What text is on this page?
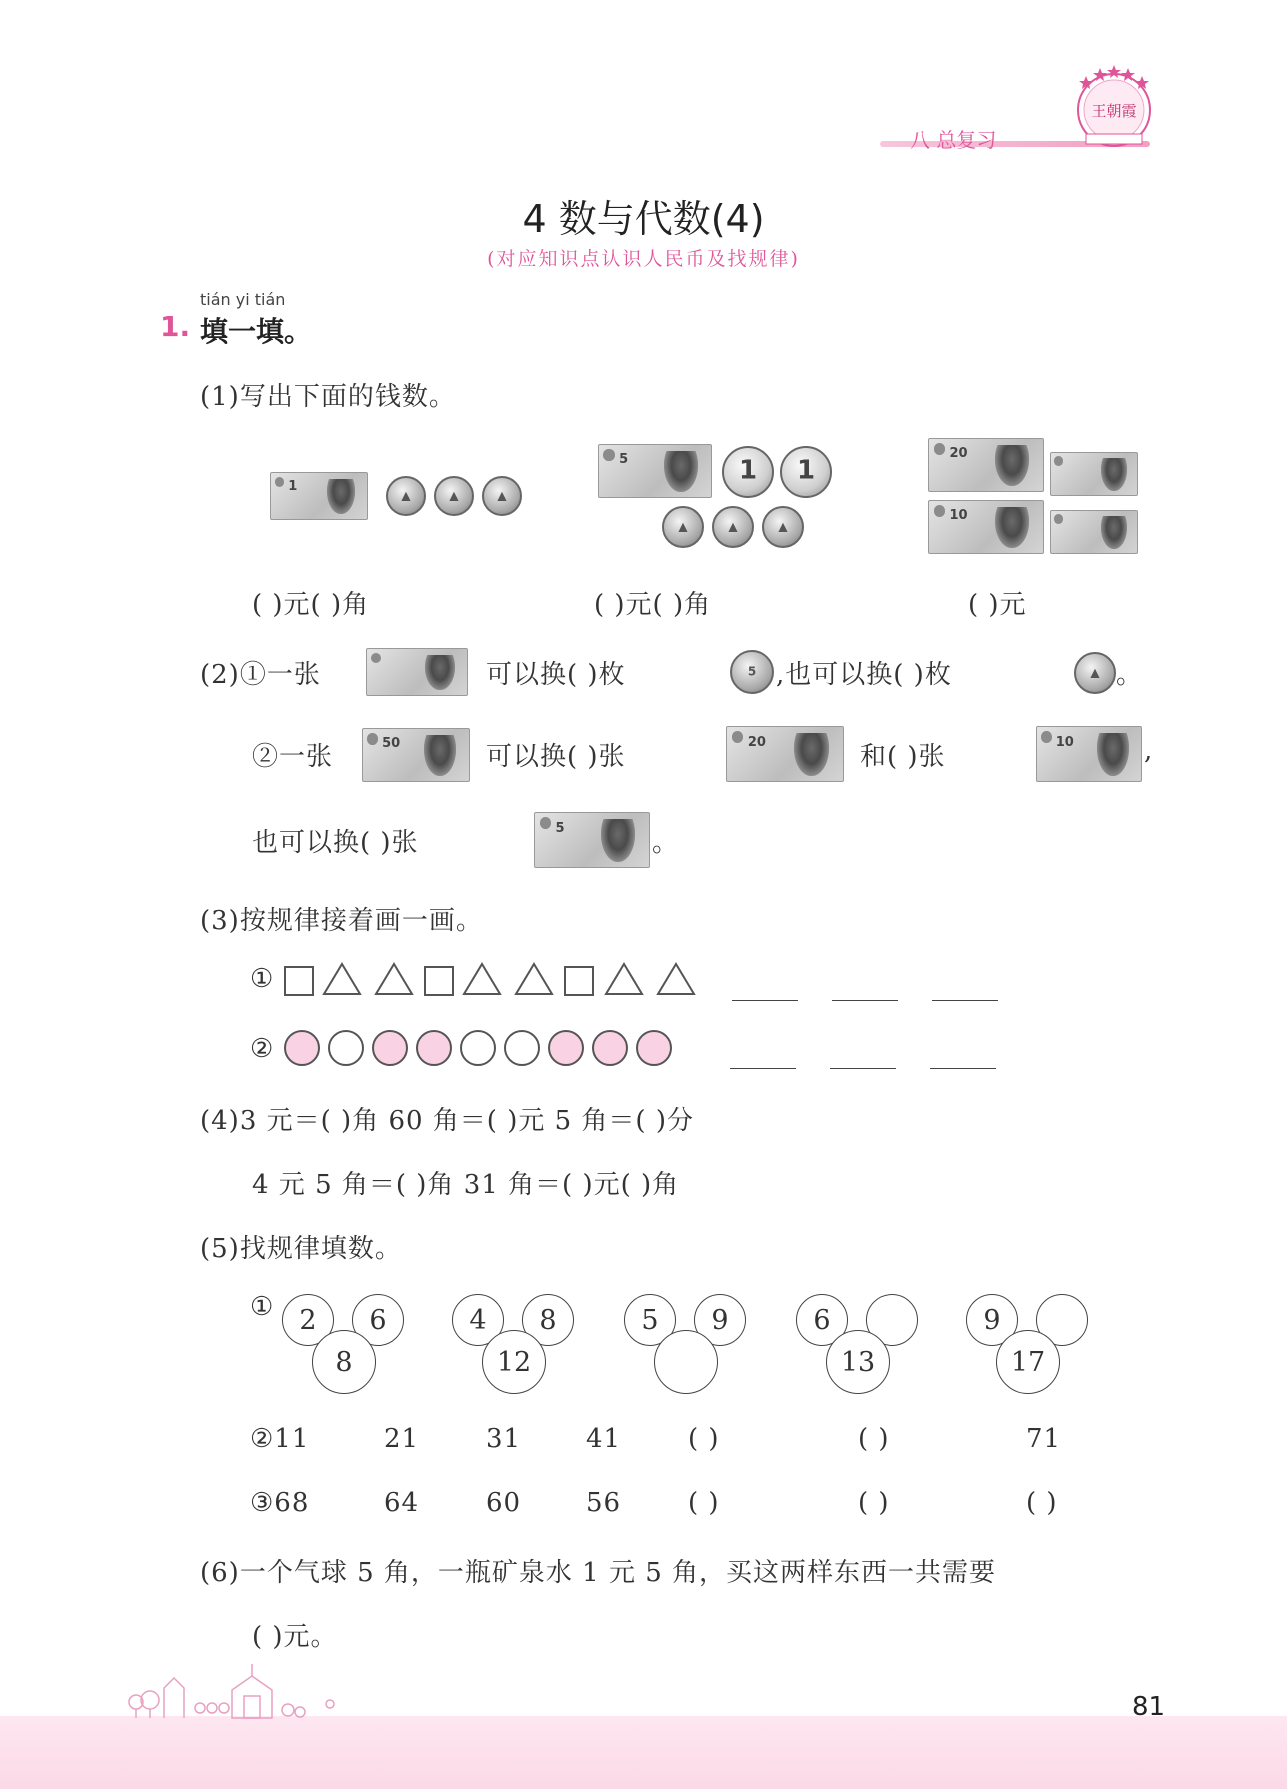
八 总复习
王朝霞
4 数与代数(4)
(对应知识点认识人民币及找规律)
tián yi tián
1. 填一填。
(1)写出下面的钱数。
1
▲	▲	▲
5	1	1
▲	▲	▲
20
10
( )元( )角	( )元( )角	( )元
(2)①一张	可以换( )枚	5 ,也可以换( )枚	▲ 。
②一张	50	可以换( )张	20	和( )张	10	,
也可以换( )张	5	。
(3)按规律接着画一画。
①
②
(4)3 元＝( )角 60 角＝( )元 5 角＝( )分
4 元 5 角＝( )角 31 角＝( )元( )角
(5)找规律填数。
① 2	6
8
4	8
12
5	9	6
13
9
17
②11	21	31 41	( )	( )	71
③68	64	60 56	( )	( )	( )
(6)一个气球 5 角，一瓶矿泉水 1 元 5 角，买这两样东西一共需要
( )元。
81
